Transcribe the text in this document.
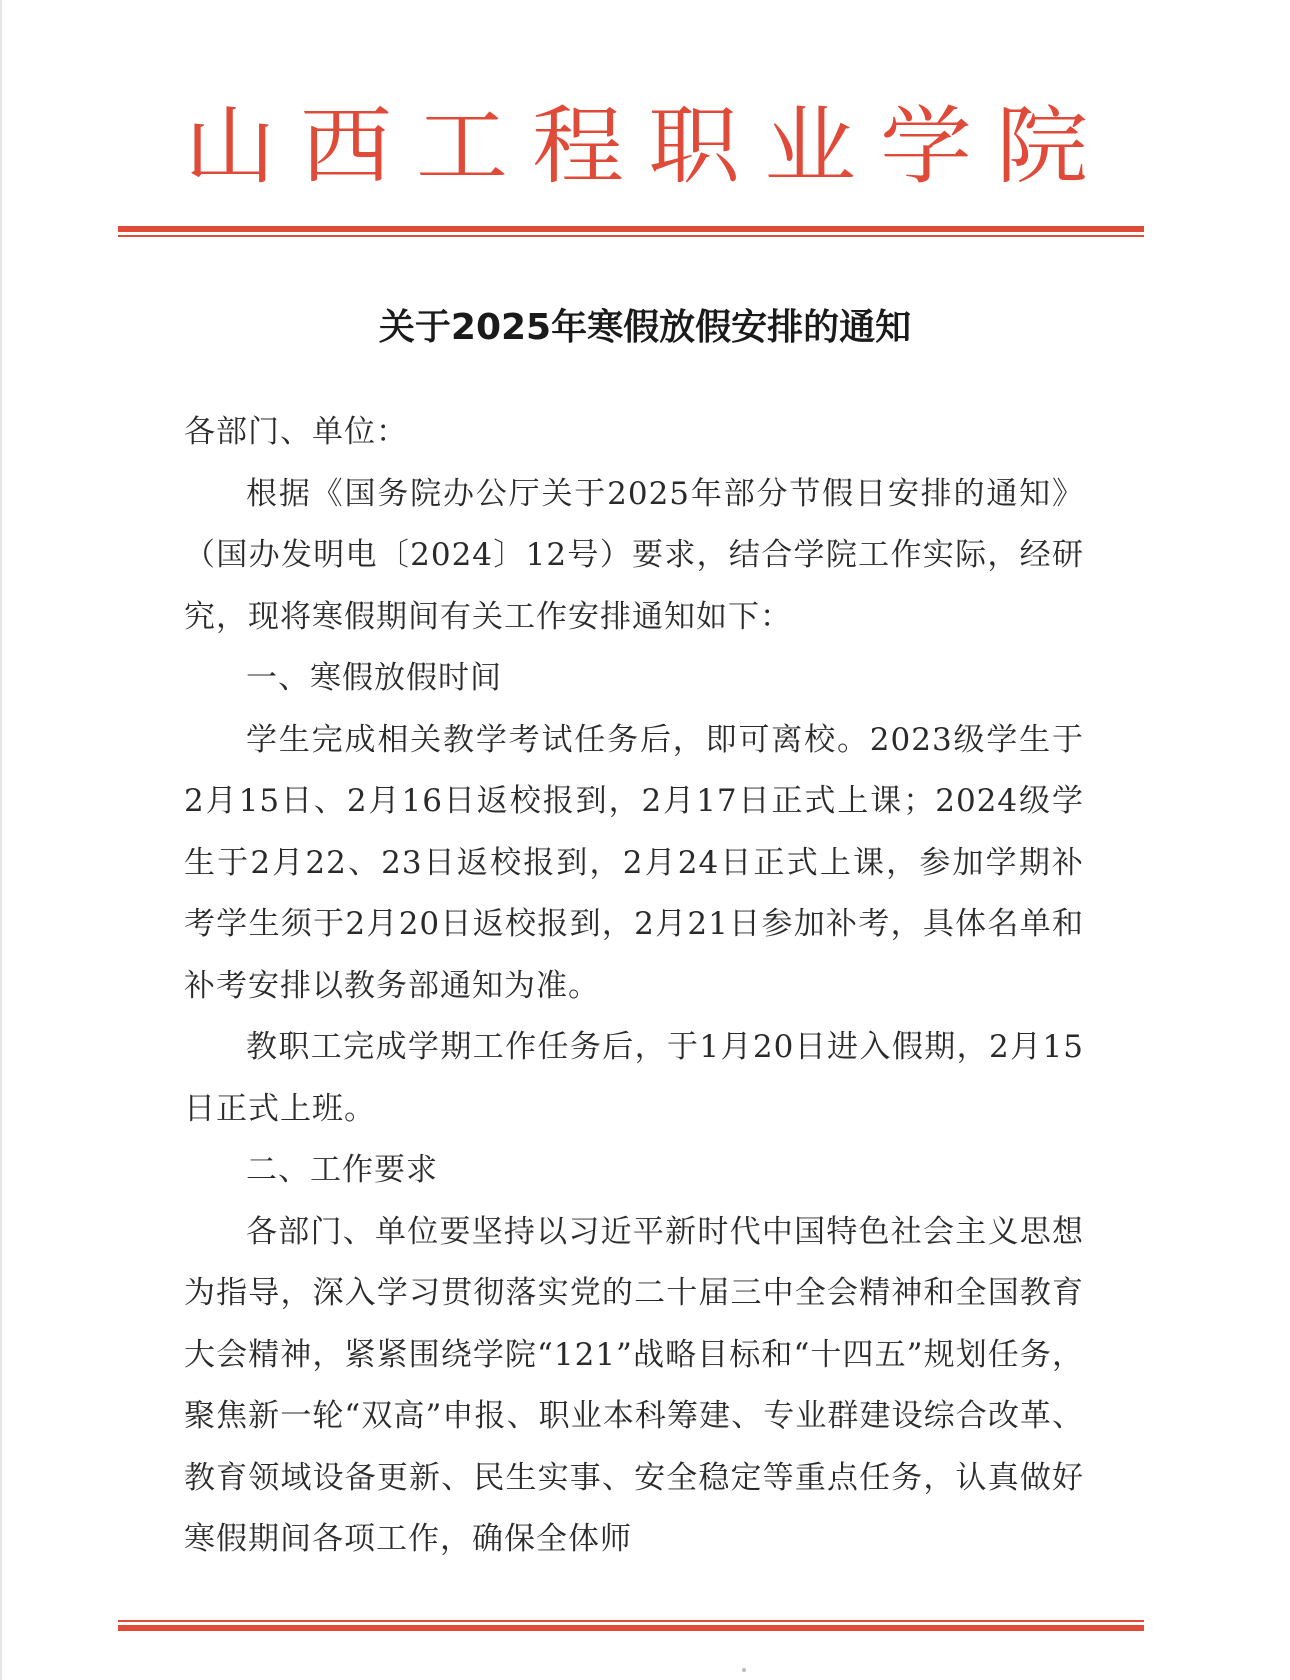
山 西 工 程 职 业 学 院
关于2025年寒假放假安排的通知

各部门、单位：

根据《国务院办公厅关于2025年部分节假日安排的通知》（国办发明电〔2024〕12号）要求，结合学院工作实际，经研究，现将寒假期间有关工作安排通知如下：

一、寒假放假时间

学生完成相关教学考试任务后，即可离校。2023级学生于2月15日、2月16日返校报到，2月17日正式上课；2024级学生于2月22、23日返校报到，2月24日正式上课，参加学期补考学生须于2月20日返校报到，2月21日参加补考，具体名单和补考安排以教务部通知为准。

教职工完成学期工作任务后，于1月20日进入假期，2月15日正式上班。

二、工作要求

各部门、单位要坚持以习近平新时代中国特色社会主义思想为指导，深入学习贯彻落实党的二十届三中全会精神和全国教育大会精神，紧紧围绕学院“121”战略目标和“十四五”规划任务，聚焦新一轮“双高”申报、职业本科筹建、专业群建设综合改革、教育领域设备更新、民生实事、安全稳定等重点任务，认真做好寒假期间各项工作，确保全体师
